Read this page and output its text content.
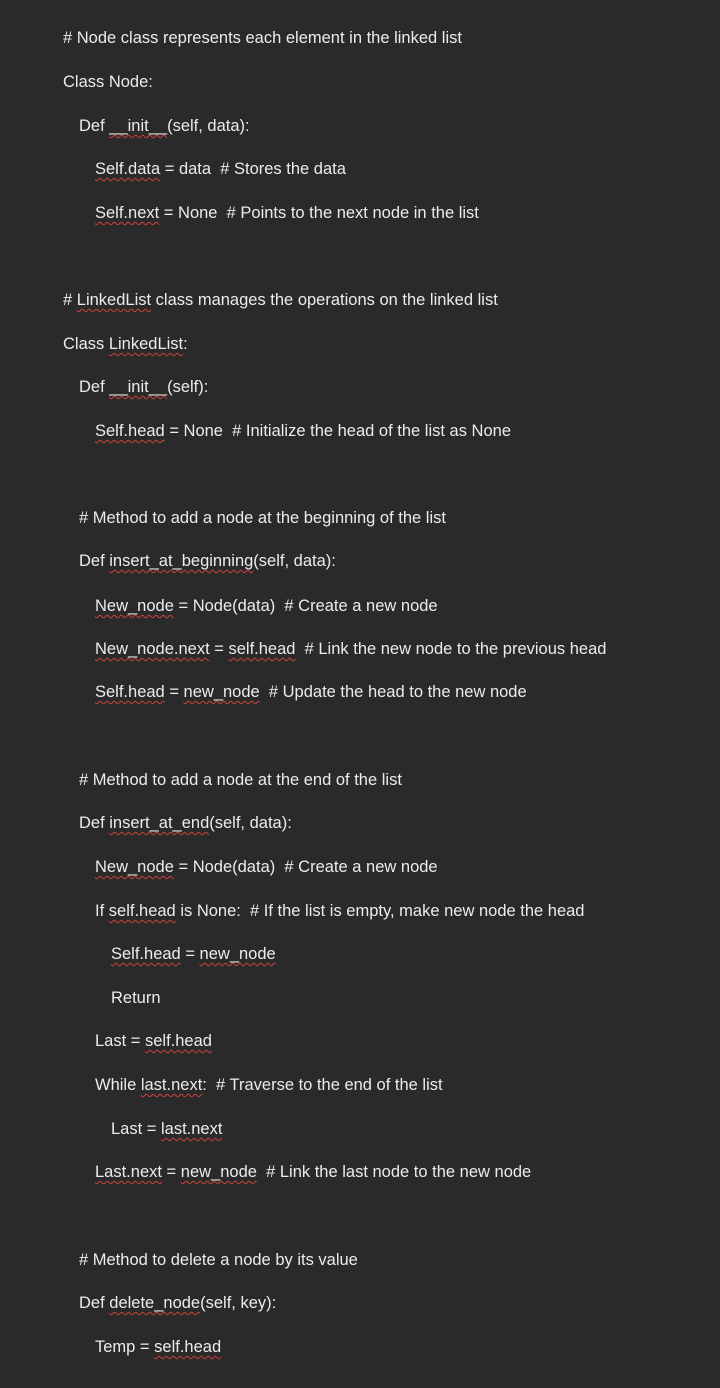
# Node class represents each element in the linked list
Class Node:
Def __init__(self, data):
Self.data = data  # Stores the data
Self.next = None  # Points to the next node in the list
# LinkedList class manages the operations on the linked list
Class LinkedList:
Def __init__(self):
Self.head = None  # Initialize the head of the list as None
# Method to add a node at the beginning of the list
Def insert_at_beginning(self, data):
New_node = Node(data)  # Create a new node
New_node.next = self.head  # Link the new node to the previous head
Self.head = new_node  # Update the head to the new node
# Method to add a node at the end of the list
Def insert_at_end(self, data):
New_node = Node(data)  # Create a new node
If self.head is None:  # If the list is empty, make new node the head
Self.head = new_node
Return
Last = self.head
While last.next:  # Traverse to the end of the list
Last = last.next
Last.next = new_node  # Link the last node to the new node
# Method to delete a node by its value
Def delete_node(self, key):
Temp = self.head
